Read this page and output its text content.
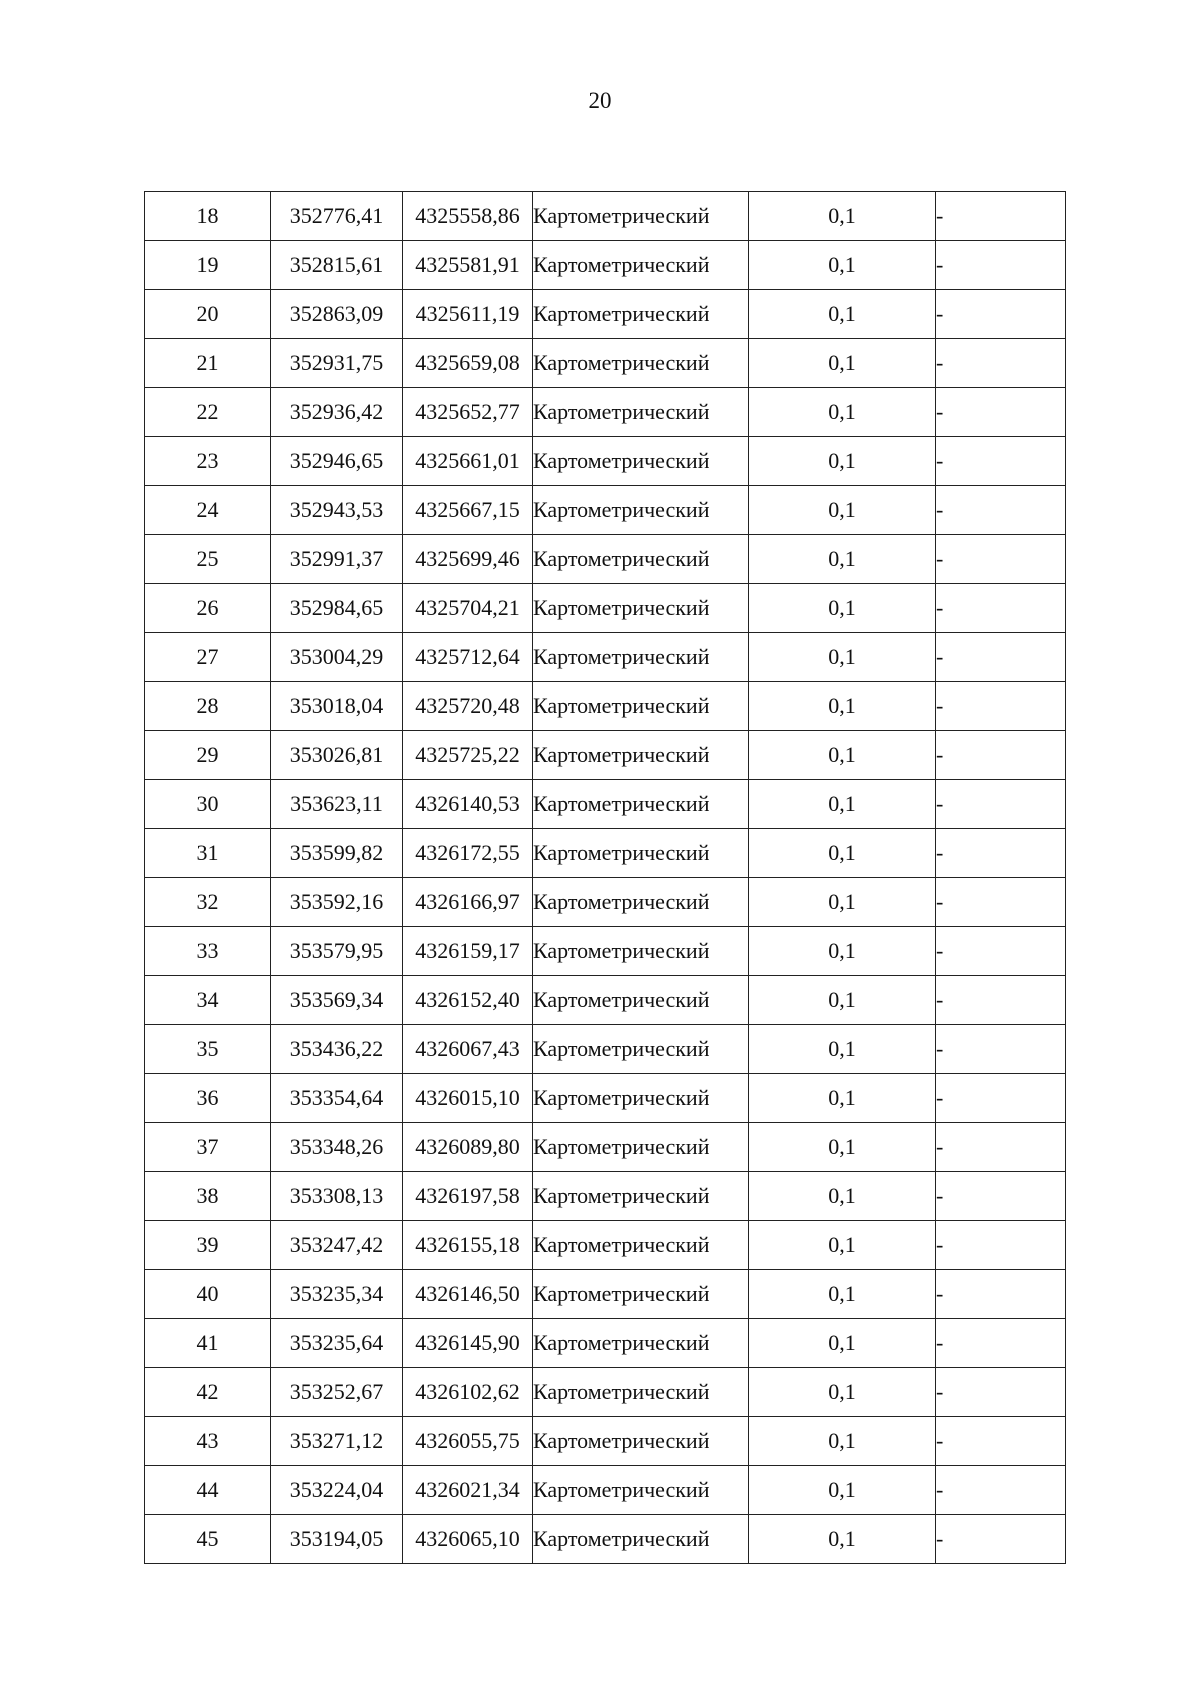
20
18	352776,41	4325558,86	Картометрический	0,1	-
19	352815,61	4325581,91	Картометрический	0,1	-
20	352863,09	4325611,19	Картометрический	0,1	-
21	352931,75	4325659,08	Картометрический	0,1	-
22	352936,42	4325652,77	Картометрический	0,1	-
23	352946,65	4325661,01	Картометрический	0,1	-
24	352943,53	4325667,15	Картометрический	0,1	-
25	352991,37	4325699,46	Картометрический	0,1	-
26	352984,65	4325704,21	Картометрический	0,1	-
27	353004,29	4325712,64	Картометрический	0,1	-
28	353018,04	4325720,48	Картометрический	0,1	-
29	353026,81	4325725,22	Картометрический	0,1	-
30	353623,11	4326140,53	Картометрический	0,1	-
31	353599,82	4326172,55	Картометрический	0,1	-
32	353592,16	4326166,97	Картометрический	0,1	-
33	353579,95	4326159,17	Картометрический	0,1	-
34	353569,34	4326152,40	Картометрический	0,1	-
35	353436,22	4326067,43	Картометрический	0,1	-
36	353354,64	4326015,10	Картометрический	0,1	-
37	353348,26	4326089,80	Картометрический	0,1	-
38	353308,13	4326197,58	Картометрический	0,1	-
39	353247,42	4326155,18	Картометрический	0,1	-
40	353235,34	4326146,50	Картометрический	0,1	-
41	353235,64	4326145,90	Картометрический	0,1	-
42	353252,67	4326102,62	Картометрический	0,1	-
43	353271,12	4326055,75	Картометрический	0,1	-
44	353224,04	4326021,34	Картометрический	0,1	-
45	353194,05	4326065,10	Картометрический	0,1	-
